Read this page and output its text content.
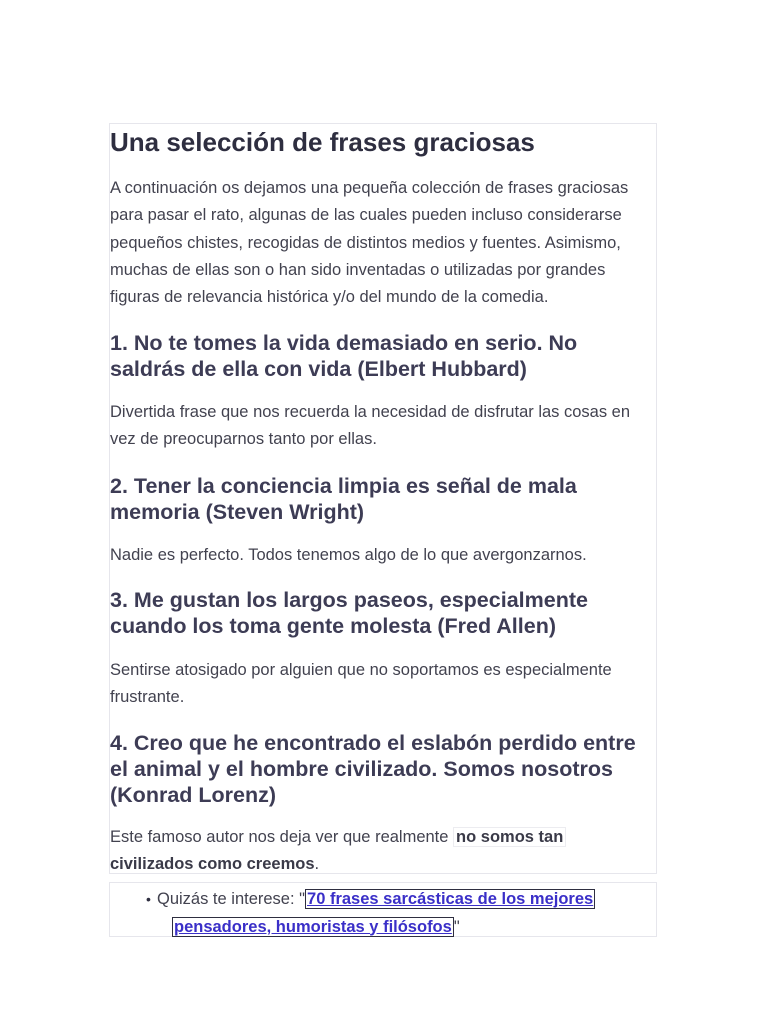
Una selección de frases graciosas

A continuación os dejamos una pequeña colección de frases graciosas para pasar el rato, algunas de las cuales pueden incluso considerarse pequeños chistes, recogidas de distintos medios y fuentes. Asimismo, muchas de ellas son o han sido inventadas o utilizadas por grandes figuras de relevancia histórica y/o del mundo de la comedia.

1. No te tomes la vida demasiado en serio. No saldrás de ella con vida (Elbert Hubbard)

Divertida frase que nos recuerda la necesidad de disfrutar las cosas en vez de preocuparnos tanto por ellas.

2. Tener la conciencia limpia es señal de mala memoria (Steven Wright)

Nadie es perfecto. Todos tenemos algo de lo que avergonzarnos.

3. Me gustan los largos paseos, especialmente cuando los toma gente molesta (Fred Allen)

Sentirse atosigado por alguien que no soportamos es especialmente frustrante.

4. Creo que he encontrado el eslabón perdido entre el animal y el hombre civilizado. Somos nosotros (Konrad Lorenz)

Este famoso autor nos deja ver que realmente no somos tan
civilizados como creemos.

• Quizás te interese: " 70 frases sarcásticas de los mejores
pensadores, humoristas y filósofos "
